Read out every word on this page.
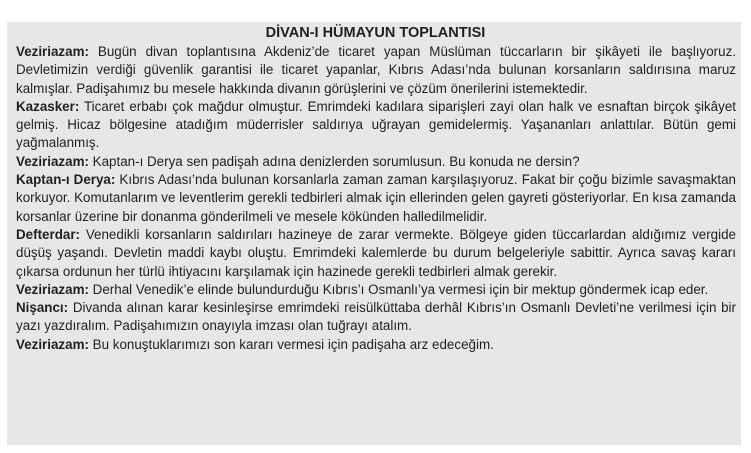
DİVAN-I HÜMAYUN TOPLANTISI

Veziriazam: Bugün divan toplantısına Akdeniz’de ticaret yapan Müslüman tüccarların bir şikâyeti ile başlıyoruz. Devletimizin verdiği güvenlik garantisi ile ticaret yapanlar, Kıbrıs Adası’nda bulunan korsanların saldırısına maruz kalmışlar. Padişahımız bu mesele hakkında divanın görüşlerini ve çözüm önerilerini istemektedir.

Kazasker: Ticaret erbabı çok mağdur olmuştur. Emrimdeki kadılara siparişleri zayi olan halk ve esnaftan birçok şikâyet gelmiş. Hicaz bölgesine atadığım müderrisler saldırıya uğrayan gemidelermiş. Yaşananları anlattılar. Bütün gemi yağmalanmış.

Veziriazam: Kaptan-ı Derya sen padişah adına denizlerden sorumlusun. Bu konuda ne dersin?

Kaptan-ı Derya: Kıbrıs Adası’nda bulunan korsanlarla zaman zaman karşılaşıyoruz. Fakat bir çoğu bizimle savaşmaktan korkuyor. Komutanlarım ve leventlerim gerekli tedbirleri almak için ellerinden gelen gayreti gösteriyorlar. En kısa zamanda korsanlar üzerine bir donanma gönderilmeli ve mesele kökünden halledilmelidir.

Defterdar: Venedikli korsanların saldırıları hazineye de zarar vermekte. Bölgeye giden tüccarlardan aldığımız vergide düşüş yaşandı. Devletin maddi kaybı oluştu. Emrimdeki kalemlerde bu durum belgeleriyle sabittir. Ayrıca savaş kararı çıkarsa ordunun her türlü ihtiyacını karşılamak için hazinede gerekli tedbirleri almak gerekir.

Veziriazam: Derhal Venedik’e elinde bulundurduğu Kıbrıs’ı Osmanlı’ya vermesi için bir mektup göndermek icap eder.

Nişancı: Divanda alınan karar kesinleşirse emrimdeki reisülküttaba derhâl Kıbrıs’ın Osmanlı Devleti’ne verilmesi için bir yazı yazdıralım. Padişahımızın onayıyla imzası olan tuğrayı atalım.

Veziriazam: Bu konuştuklarımızı son kararı vermesi için padişaha arz edeceğim.
